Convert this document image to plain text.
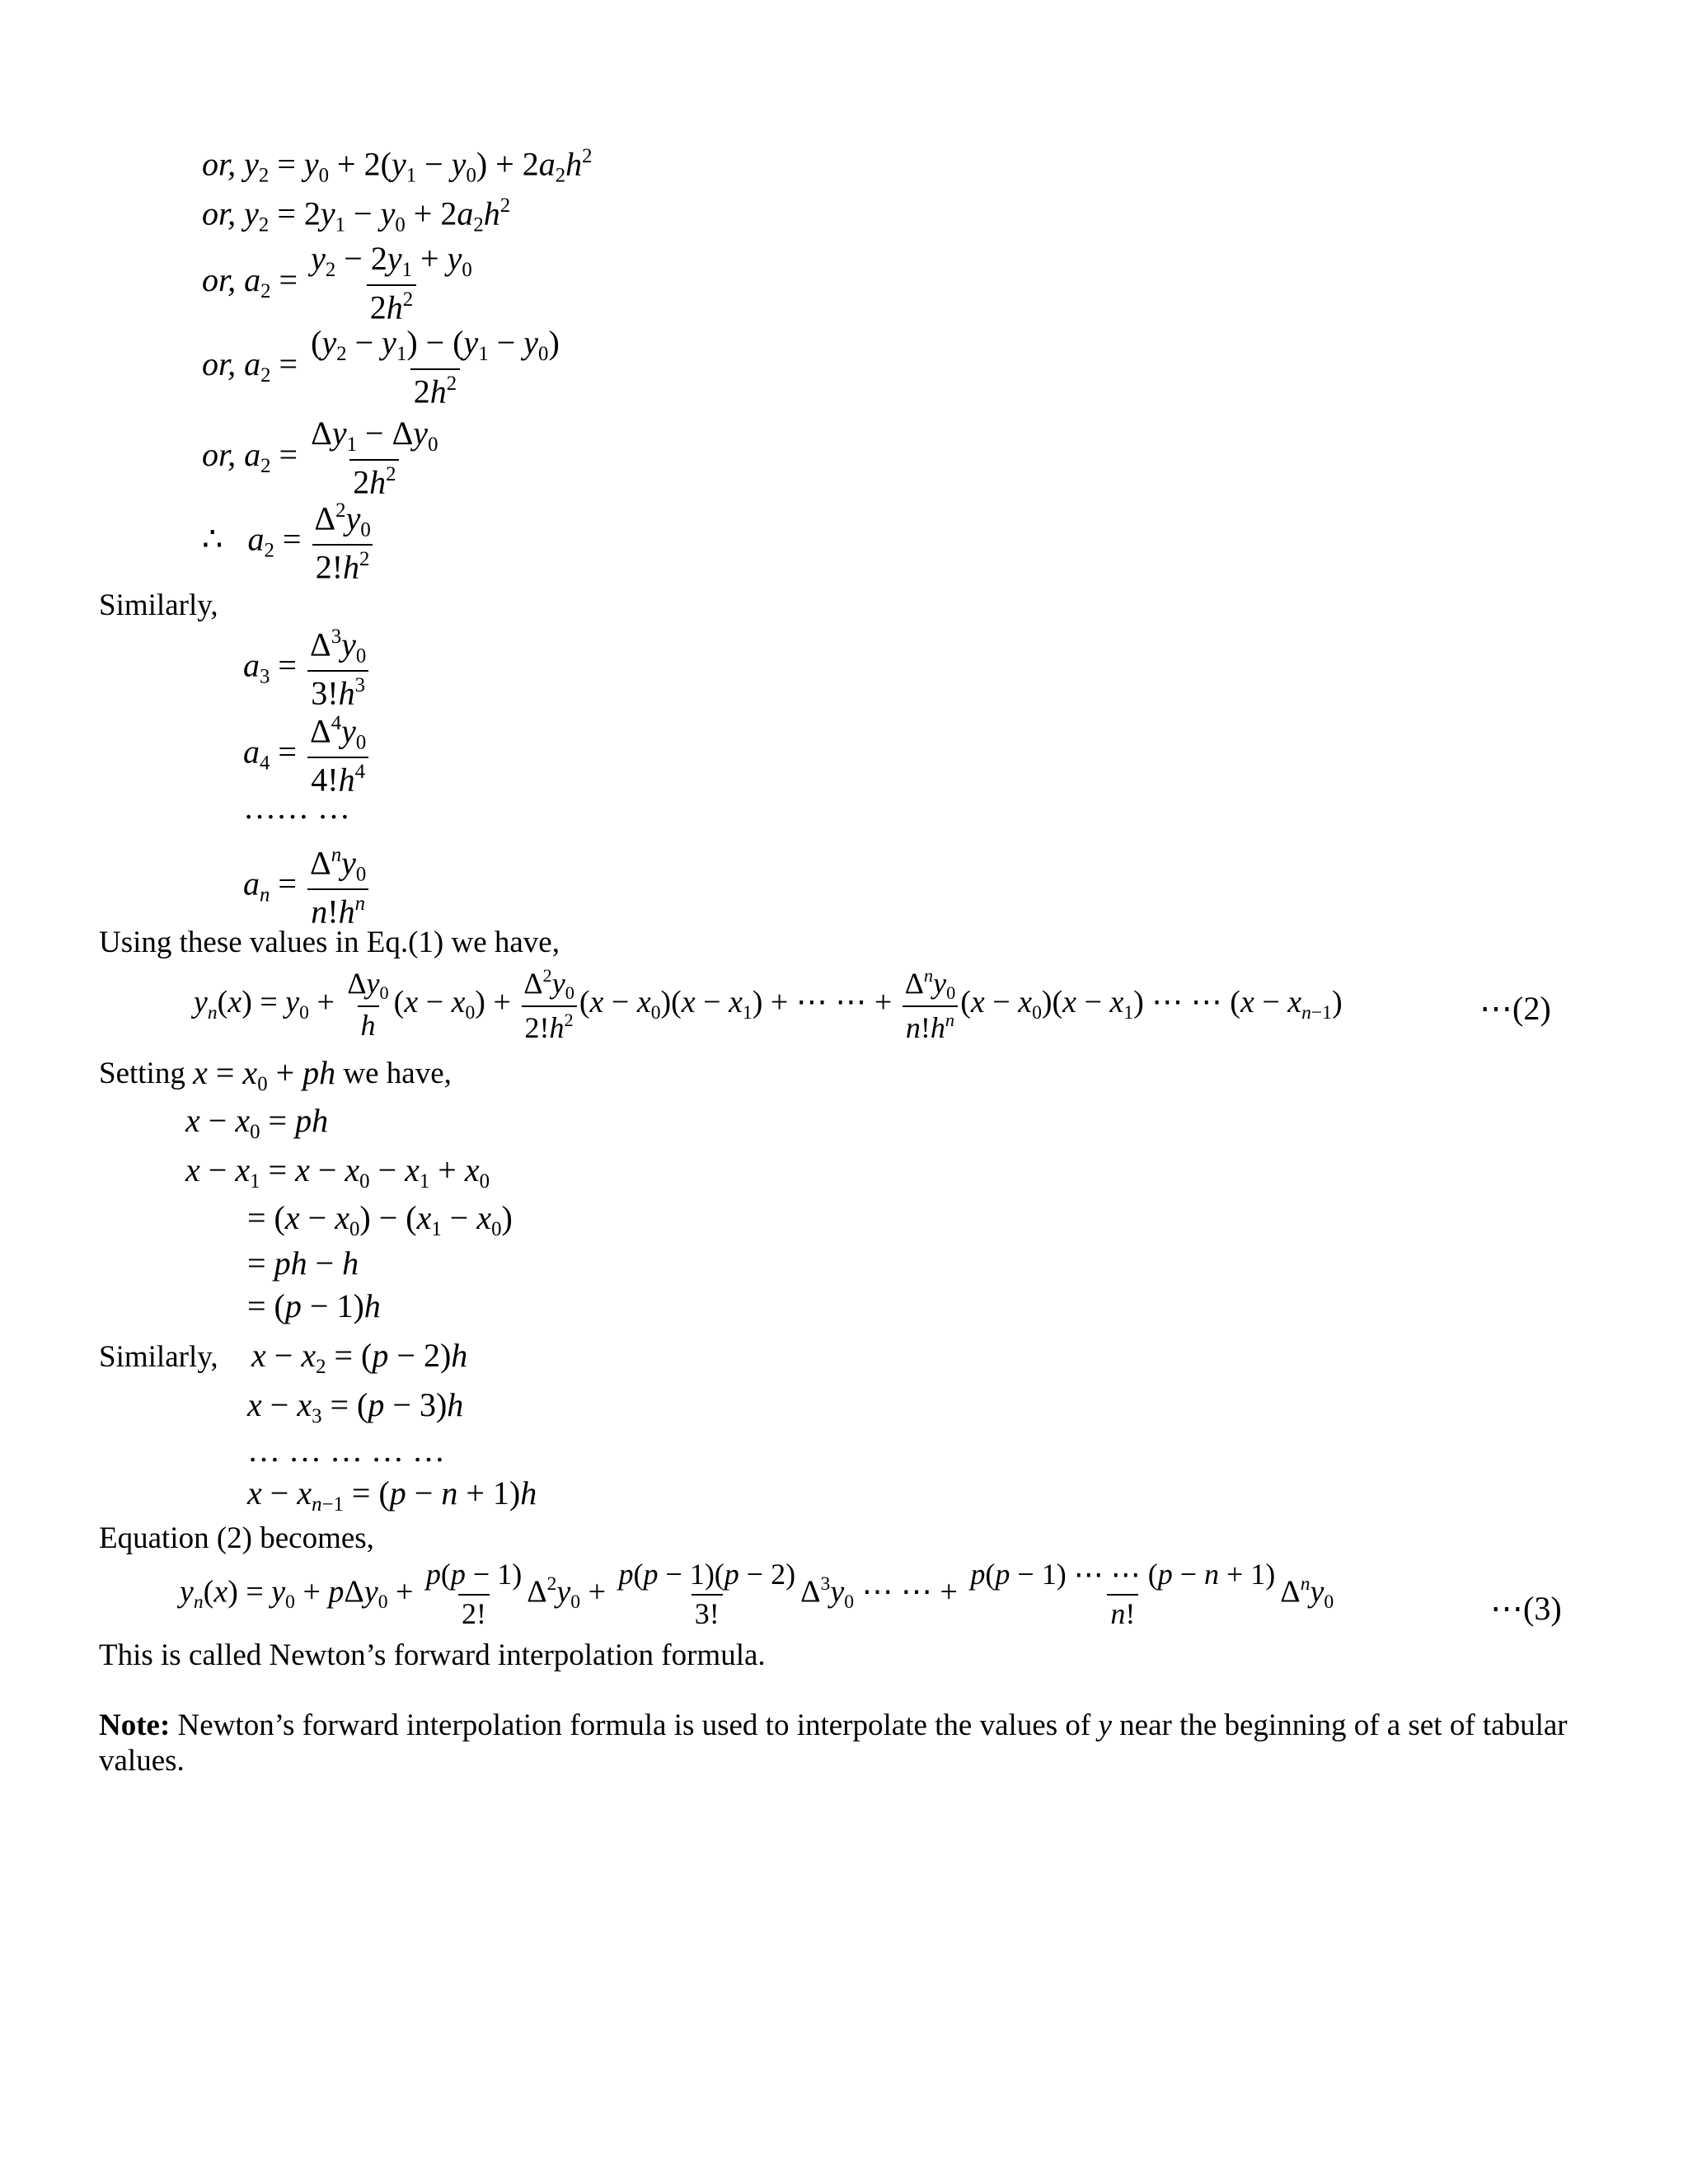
or, $y_2 = y_0 + 2(y_1 - y_0) + 2a_2h^2$
or, $y_2 = 2y_1 - y_0 + 2a_2h^2$
or, $a_2 = \frac{y_2 - 2y_1 + y_0}{2h^2}$
or, $a_2 = \frac{(y_2 - y_1) - (y_1 - y_0)}{2h^2}$
or, $a_2 = \frac{\Delta y_1 - \Delta y_0}{2h^2}$
∴   $a_2 = \frac{\Delta^2y_0}{2!h^2}$
Similarly,
$a_3 = \frac{\Delta^3y_0}{3!h^3}$
$a_4 = \frac{\Delta^4y_0}{4!h^4}$
…… …
an = $\frac{\Delta^ny_0}{n!h^n}$
Using these values in Eq.(1) we have,
$yn(x) = y_0 + \frac{\Delta y_0}{h} (x - x_0) + \frac{\Delta^2y_0}{2!h^2} (x - x_0)(x - x_1)$ + ⋯ ⋯ + $\frac{\Delta^ny_0}{n!h^n} (x - x_0)(x - x_1)$ ⋯ ⋯ $(x - xn_{-1})$	⋯(2)
Setting $x = x_0$ + ph we have,
$x - x_0$ = ph
$x - x_1 = x - x_0 - x_1 + x_0$
= $(x - x_0) - (x_1 - x_0)$
= ph − h
= (p − 1)h
Similarly, $x - x_2 = (p - 2)h$
$x - x_3 = (p - 3)h$
… … … … …
$x - xn_{-1} = (p - n + 1)h$
Equation (2) becomes,
$yn(x) = y_0 + p\Delta y_0 + \frac{p(p - 1)}{2!} \Delta^2y_0 + \frac{p(p - 1)(p - 2)}{3!} \Delta^3y_0$ ⋯ ⋯ + $\frac{p(p - 1) \cdots \cdots (p - n + 1)}{n!} \Delta^ny_0$	⋯(3)
This is called Newton’s forward interpolation formula.
Note: Newton’s forward interpolation formula is used to interpolate the values of y near the beginning of a set of tabular
values.
